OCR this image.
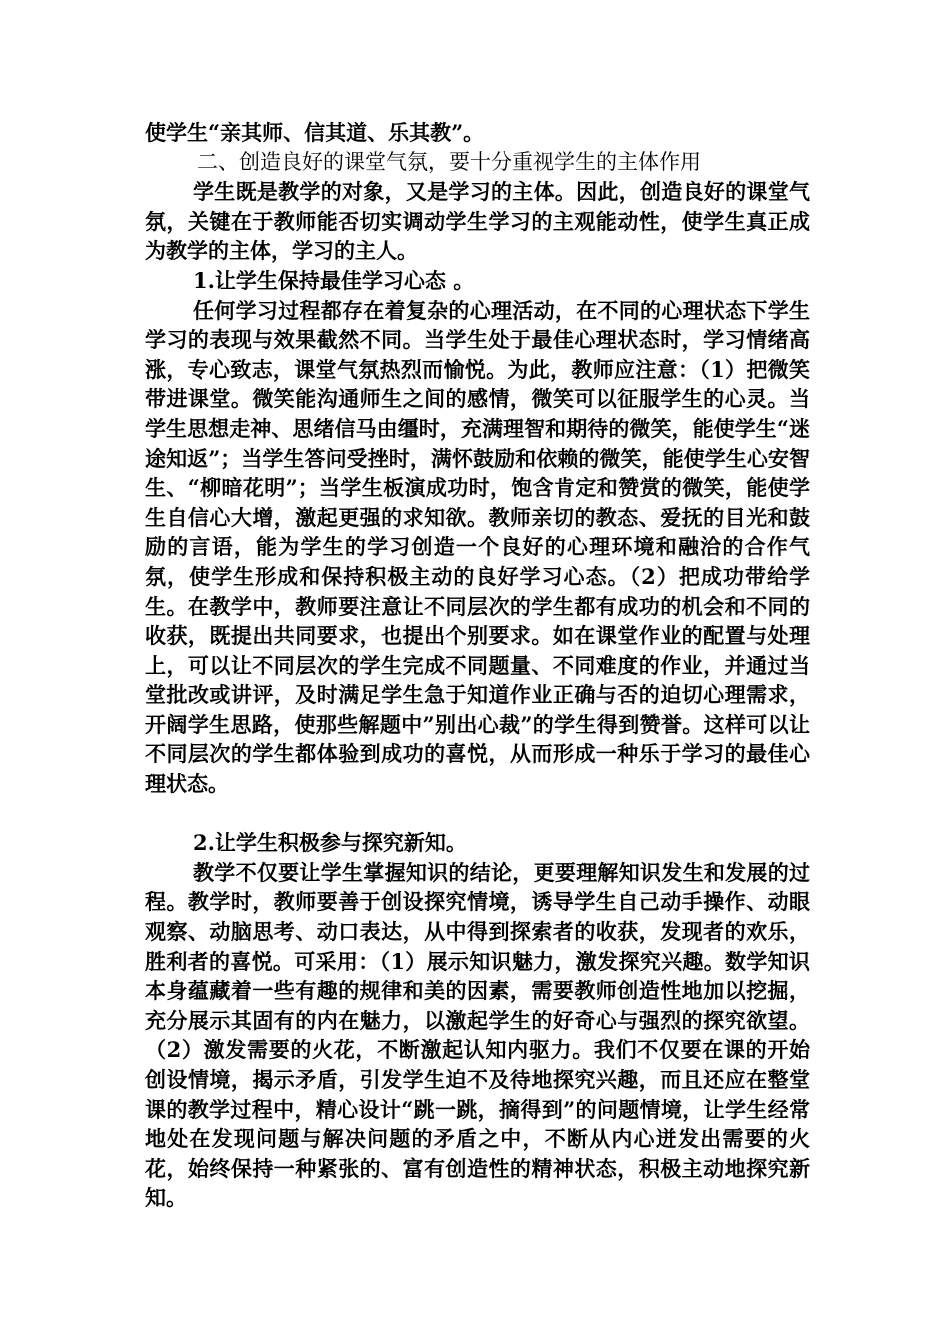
使学生“亲其师、信其道、乐其教”。

二、创造良好的课堂气氛，要十分重视学生的主体作用

学生既是教学的对象，又是学习的主体。因此，创造良好的课堂气氛，关键在于教师能否切实调动学生学习的主观能动性，使学生真正成为教学的主体，学习的主人。

1.让学生保持最佳学习心态 。

任何学习过程都存在着复杂的心理活动，在不同的心理状态下学生学习的表现与效果截然不同。当学生处于最佳心理状态时，学习情绪高涨，专心致志，课堂气氛热烈而愉悦。为此，教师应注意：（1）把微笑带进课堂。微笑能沟通师生之间的感情，微笑可以征服学生的心灵。当学生思想走神、思绪信马由缰时，充满理智和期待的微笑，能使学生“迷途知返”；当学生答问受挫时，满怀鼓励和依赖的微笑，能使学生心安智生、“柳暗花明”；当学生板演成功时，饱含肯定和赞赏的微笑，能使学生自信心大增，激起更强的求知欲。教师亲切的教态、爱抚的目光和鼓励的言语，能为学生的学习创造一个良好的心理环境和融洽的合作气氛，使学生形成和保持积极主动的良好学习心态。（2）把成功带给学生。在教学中，教师要注意让不同层次的学生都有成功的机会和不同的收获，既提出共同要求，也提出个别要求。如在课堂作业的配置与处理上，可以让不同层次的学生完成不同题量、不同难度的作业，并通过当堂批改或讲评，及时满足学生急于知道作业正确与否的迫切心理需求，开阔学生思路，使那些解题中”别出心裁”的学生得到赞誉。这样可以让不同层次的学生都体验到成功的喜悦，从而形成一种乐于学习的最佳心理状态。

2.让学生积极参与探究新知。

教学不仅要让学生掌握知识的结论，更要理解知识发生和发展的过程。教学时，教师要善于创设探究情境，诱导学生自己动手操作、动眼观察、动脑思考、动口表达，从中得到探索者的收获，发现者的欢乐，胜利者的喜悦。可采用：（1）展示知识魅力，激发探究兴趣。数学知识本身蕴藏着一些有趣的规律和美的因素，需要教师创造性地加以挖掘，充分展示其固有的内在魅力，以激起学生的好奇心与强烈的探究欲望。（2）激发需要的火花，不断激起认知内驱力。我们不仅要在课的开始创设情境，揭示矛盾，引发学生迫不及待地探究兴趣，而且还应在整堂课的教学过程中，精心设计“跳一跳，摘得到”的问题情境，让学生经常地处在发现问题与解决问题的矛盾之中，不断从内心迸发出需要的火花，始终保持一种紧张的、富有创造性的精神状态，积极主动地探究新知。
